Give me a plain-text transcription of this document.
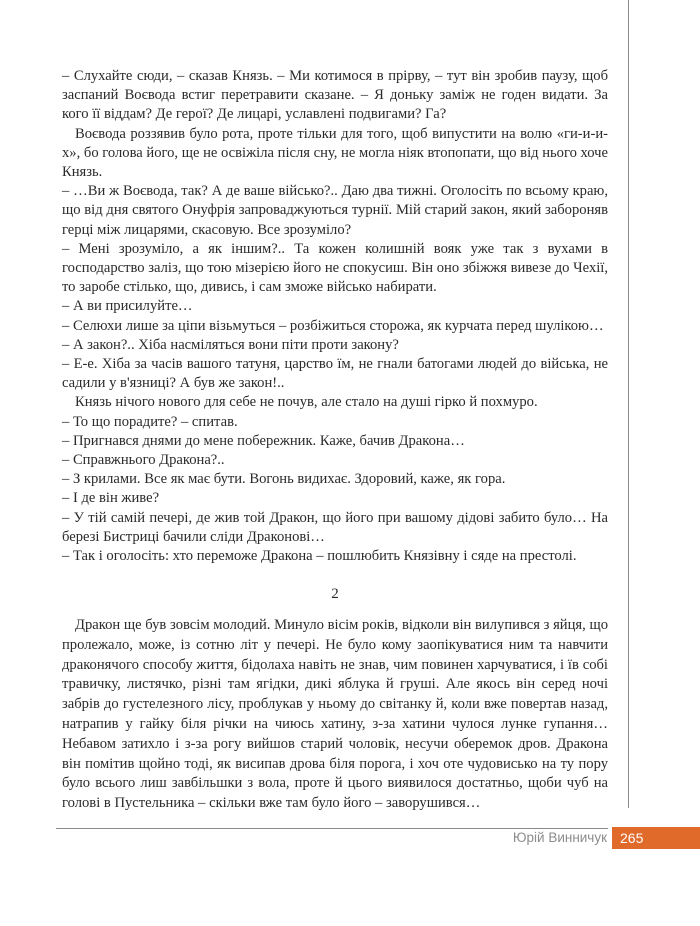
– Слухайте сюди, – сказав Князь. – Ми котимося в прірву, – тут він зробив паузу, щоб заспаний Воєвода встиг перетравити сказане. – Я доньку заміж не годен видати. За кого її віддам? Де герої? Де лицарі, уславлені подвигами? Га?

Воєвода роззявив було рота, проте тільки для того, щоб випустити на волю «ги-и-и-х», бо голова його, ще не освіжіла після сну, не могла ніяк втопопати, що від нього хоче Князь.

– …Ви ж Воєвода, так? А де ваше військо?.. Даю два тижні. Оголосіть по всьому краю, що від дня святого Онуфрія запроваджуються турнії. Мій старий закон, який забороняв герці між лицарями, скасовую. Все зрозуміло?

– Мені зрозуміло, а як іншим?.. Та кожен колишній вояк уже так з вухами в господарство заліз, що тою мізерією його не спокусиш. Він оно збіжжя вивезе до Чехії, то заробе стілько, що, дивись, і сам зможе військо набирати.

– А ви присилуйте…

– Селюхи лише за ціпи візьмуться – розбіжиться сторожа, як курчата перед шулікою…

– А закон?.. Хіба насміляться вони піти проти закону?

– Е-е. Хіба за часів вашого татуня, царство їм, не гнали батогами людей до війська, не садили у в'язниці? А був же закон!..

Князь нічого нового для себе не почув, але стало на душі гірко й похмуро.

– То що порадите? – спитав.

– Пригнався днями до мене побережник. Каже, бачив Дракона…

– Справжнього Дракона?..

– З крилами. Все як має бути. Вогонь видихає. Здоровий, каже, як гора.

– І де він живе?

– У тій самій печері, де жив той Дракон, що його при вашому дідові забито було… На березі Бистриці бачили сліди Драконові…

– Так і оголосіть: хто переможе Дракона – пошлюбить Князівну і сяде на престолі.

2

Дракон ще був зовсім молодий. Минуло вісім років, відколи він вилупився з яйця, що пролежало, може, із сотню літ у печері. Не було кому заопікуватися ним та навчити драконячого способу життя, бідолаха навіть не знав, чим повинен харчуватися, і їв собі травичку, листячко, різні там ягідки, дикі яблука й груші. Але якось він серед ночі забрів до густелезного лісу, проблукав у ньому до світанку й, коли вже повертав назад, натрапив у гайку біля річки на чиюсь хатину, з-за хатини чулося лунке гупання… Небавом затихло і з-за рогу вийшов старий чоловік, несучи оберемок дров. Дракона він помітив щойно тоді, як висипав дрова біля порога, і хоч оте чудовисько на ту пору було всього лиш завбільшки з вола, проте й цього виявилося достатньо, щоби чуб на голові в Пустельника – скільки вже там було його – заворушився…

Юрій Винничук 265
